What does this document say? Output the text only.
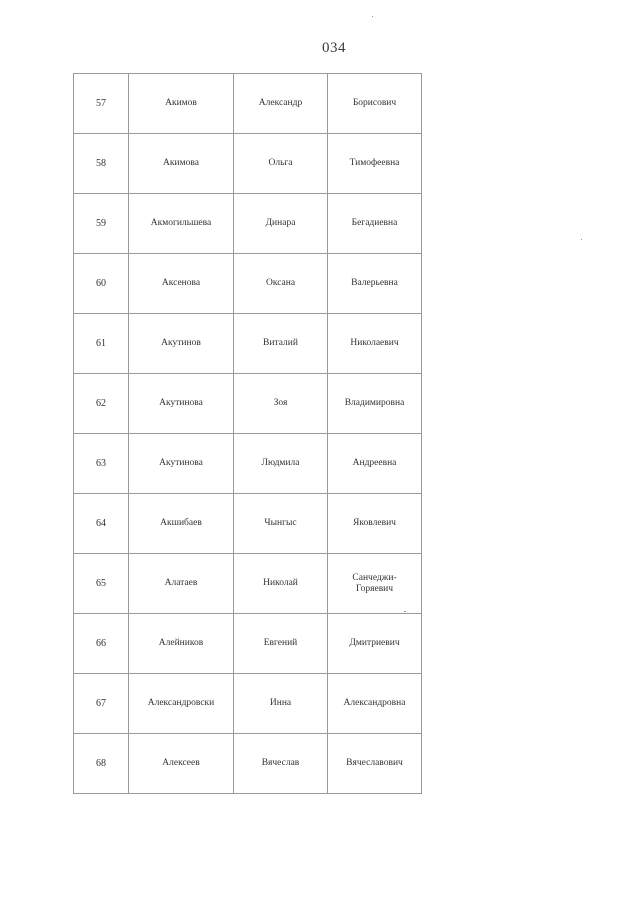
034
57	Акимов	Александр	Борисович
58	Акимова	Ольга	Тимофеевна
59	Акмогильшева	Динара	Бегадиевна
60	Аксенова	Оксана	Валерьевна
61	Акутинов	Виталий	Николаевич
62	Акутинова	Зоя	Владимировна
63	Акутинова	Людмила	Андреевна
64	Акшибаев	Чынгыс	Яковлевич
65	Алатаев	Николай	Санчеджи-Горяевич
66	Алейников	Евгений	Дмитриевич
67	Александровски	Инна	Александровна
68	Алексеев	Вячеслав	Вячеславович
